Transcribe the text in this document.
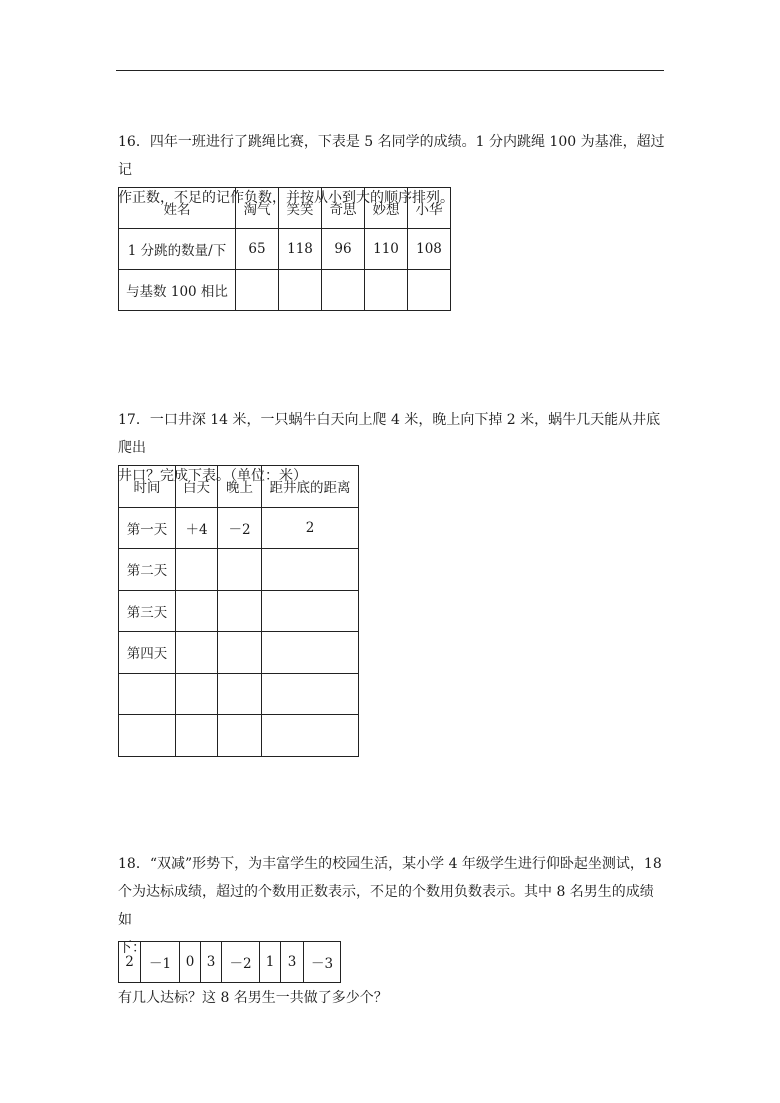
16．四年一班进行了跳绳比赛，下表是 5 名同学的成绩。1 分内跳绳 100 为基准，超过记

作正数，不足的记作负数，并按从小到大的顺序排列。

姓名	淘气	笑笑	奇思	妙想	小华
1 分跳的数量/下	65	118	96	110	108
与基数 100 相比					

17．一口井深 14 米，一只蜗牛白天向上爬 4 米，晚上向下掉 2 米，蜗牛几天能从井底爬出

井口？完成下表。（单位：米）

时间	白天	晚上	距井底的距离
第一天	＋4	－2	2
第二天			
第三天			
第四天			

18．“双减”形势下，为丰富学生的校园生活，某小学 4 年级学生进行仰卧起坐测试，18

个为达标成绩，超过的个数用正数表示，不足的个数用负数表示。其中 8 名男生的成绩如

下：

2	－1	0	3	－2	1	3	－3
有几人达标？这 8 名男生一共做了多少个？
